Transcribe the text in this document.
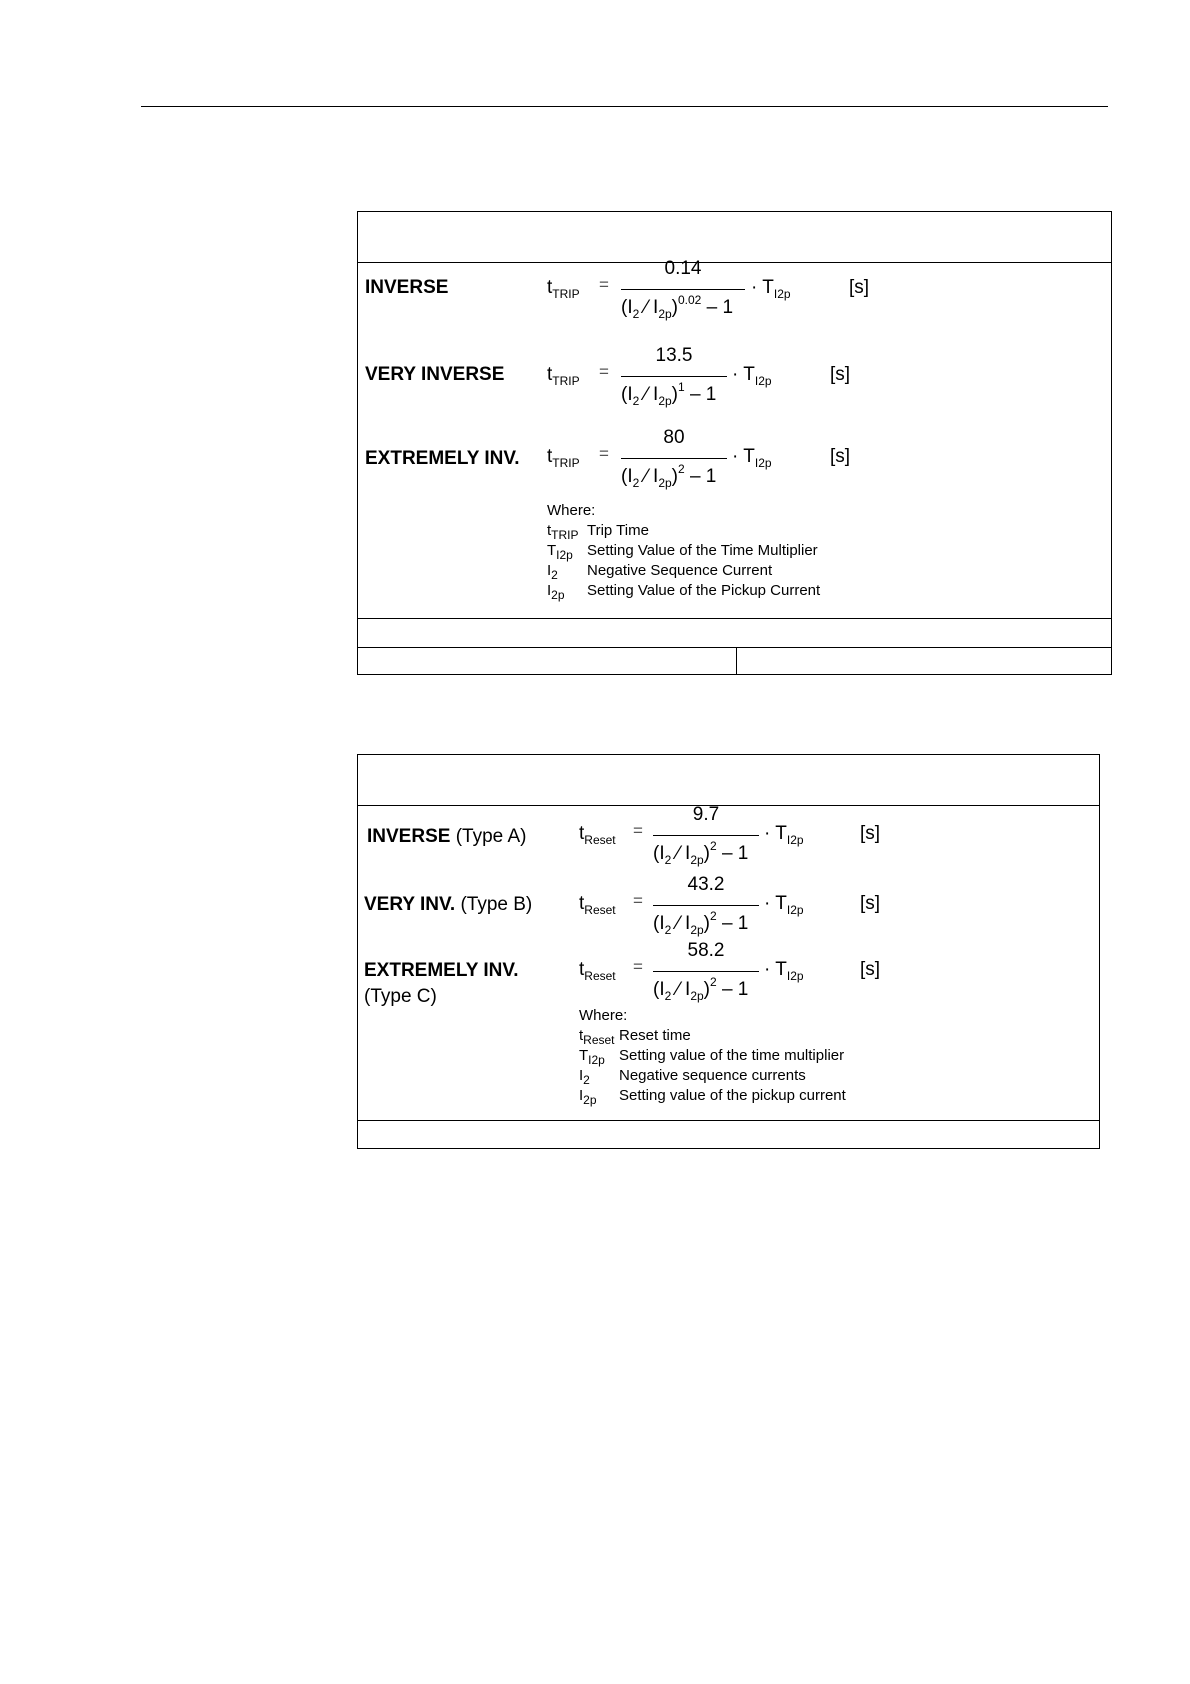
INVERSE	$t_{TRIP}$ =
0.14
($I_2$ ⁄ $I_{2p})^{0.02} - 1$
· $T_{I2p}$	[s]
VERY INVERSE $t_{TRIP}$ =
13.5
($I_2$ ⁄ $I_{2p})^1 - 1$
· $T_{I2p}$	[s]
EXTREMELY INV. $t_{TRIP}$ =
80
($I_2$ ⁄ $I_{2p})^2 - 1$
· $T_{I2p}$	[s]
Where:
$t_{TRIP}$ Trip Time
$T_{I2p}$ Setting Value of the Time Multiplier
$I_2$ Negative Sequence Current
$I_{2p}$ Setting Value of the Pickup Current
INVERSE (Type A)	$t_{Reset}$ =
9.7
($I_2$ ⁄ $I_{2p})^2 - 1$
· $T_{I2p}$	[s]
VERY INV. (Type B) $t_{Reset}$ =
43.2
($I_2$ ⁄ $I_{2p})^2 - 1$
· $T_{I2p}$	[s]
EXTREMELY INV.
(Type C)
$t_{Reset}$ =
58.2
($I_2$ ⁄ $I_{2p})^2 - 1$
· $T_{I2p}$	[s]
Where:
$t_{Reset}$ Reset time
$T_{I2p}$ Setting value of the time multiplier
$I_2$ Negative sequence currents
$I_{2p}$ Setting value of the pickup current
